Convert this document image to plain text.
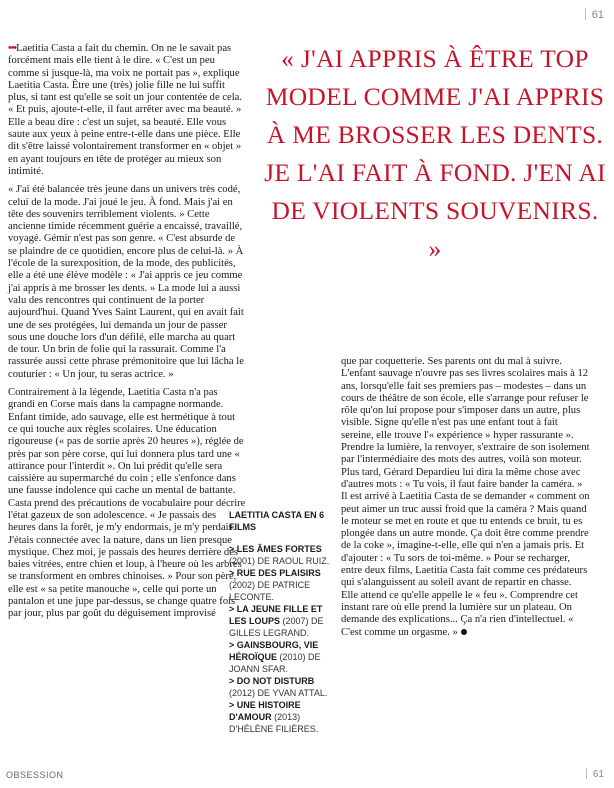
61

•••Laetitia Casta a fait du chemin. On ne le savait pas forcément mais elle tient à le dire. « C'est un peu comme si jusque-là, ma voix ne portait pas », explique Laetitia Casta. Être une (très) jolie fille ne lui suffit plus, si tant est qu'elle se soit un jour contentée de cela. « Et puis, ajoute-t-elle, il faut arrêter avec ma beauté. » Elle a beau dire : c'est un sujet, sa beauté. Elle vous saute aux yeux à peine entre-t-elle dans une pièce. Elle dit s'être laissé volontairement transformer en « objet » en ayant toujours en tête de protéger au mieux son intimité.

« J'ai été balancée très jeune dans un univers très codé, celui de la mode. J'ai joué le jeu. À fond. Mais j'ai en tête des souvenirs terriblement violents. » Cette ancienne timide récemment guérie a encaissé, travaillé, voyagé. Gémir n'est pas son genre. « C'est absurde de se plaindre de ce quotidien, encore plus de celui-là. » À l'école de la surexposition, de la mode, des publicités, elle a été une élève modèle : « J'ai appris ce jeu comme j'ai appris à me brosser les dents. » La mode lui a aussi valu des rencontres qui continuent de la porter aujourd'hui. Quand Yves Saint Laurent, qui en avait fait une de ses protégées, lui demanda un jour de passer sous une douche lors d'un défilé, elle marcha au quart de tour. Un brin de folie qui la rassurait. Comme l'a rassurée aussi cette phrase prémonitoire que lui lâcha le couturier : « Un jour, tu seras actrice. »

Contrairement à la légende, Laetitia Casta n'a pas grandi en Corse mais dans la campagne normande. Enfant timide, ado sauvage, elle est hermétique à tout ce qui touche aux règles scolaires. Une éducation rigoureuse (« pas de sortie après 20 heures »), réglée de près par son père corse, qui lui donnera plus tard une « attirance pour l'interdit ». On lui prédit qu'elle sera caissière au supermarché du coin ; elle s'enfonce dans une fausse indolence qui cache un mental de battante. Casta prend des précautions de vocabulaire pour décrire l'état gazeux de son adolescence. « Je passais des heures dans la forêt, je m'y endormais, je m'y perdais. J'étais connectée avec la nature, dans un lien presque mystique. Chez moi, je passais des heures derrière des baies vitrées, entre chien et loup, à l'heure où les arbres se transforment en ombres chinoises. » Pour son père, elle est « sa petite manouche », celle qui porte un pantalon et une jupe par-dessus, se change quatre fois par jour, plus par goût du déguisement improvisé

« J'AI APPRIS À ÊTRE TOP MODEL COMME J'AI APPRIS À ME BROSSER LES DENTS. JE L'AI FAIT À FOND. J'EN AI DE VIOLENTS SOUVENIRS. »
LAETITIA CASTA EN 6 FILMS
> LES ÂMES FORTES (2001) DE RAOUL RUIZ.
> RUE DES PLAISIRS (2002) DE PATRICE LECONTE.
> LA JEUNE FILLE ET LES LOUPS (2007) DE GILLES LEGRAND.
> GAINSBOURG, VIE HÉROÏQUE (2010) DE JOANN SFAR.
> DO NOT DISTURB (2012) DE YVAN ATTAL.
> UNE HISTOIRE D'AMOUR (2013) D'HÉLÈNE FILIÈRES.

que par coquetterie. Ses parents ont du mal à suivre. L'enfant sauvage n'ouvre pas ses livres scolaires mais à 12 ans, lorsqu'elle fait ses premiers pas – modestes – dans un cours de théâtre de son école, elle s'arrange pour refuser le rôle qu'on lui propose pour s'imposer dans un autre, plus visible. Signe qu'elle n'est pas une enfant tout à fait sereine, elle trouve l'« expérience » hyper rassurante ». Prendre la lumière, la renvoyer, s'extraire de son isolement par l'intermédiaire des mots des autres, voilà son moteur. Plus tard, Gérard Depardieu lui dira la même chose avec d'autres mots : « Tu vois, il faut faire bander la caméra. » Il est arrivé à Laetitia Casta de se demander « comment on peut aimer un truc aussi froid que la caméra ? Mais quand le moteur se met en route et que tu entends ce bruit, tu es plongée dans un autre monde. Ça doit être comme prendre de la coke », imagine-t-elle, elle qui n'en a jamais pris. Et d'ajouter : « Tu sors de toi-même. » Pour se recharger, entre deux films, Laetitia Casta fait comme ces prédateurs qui s'alanguissent au soleil avant de repartir en chasse. Elle attend ce qu'elle appelle le « feu ». Comprendre cet instant rare où elle prend la lumière sur un plateau. On demande des explications... Ça n'a rien d'intellectuel. « C'est comme un orgasme. »

OBSESSION	61
